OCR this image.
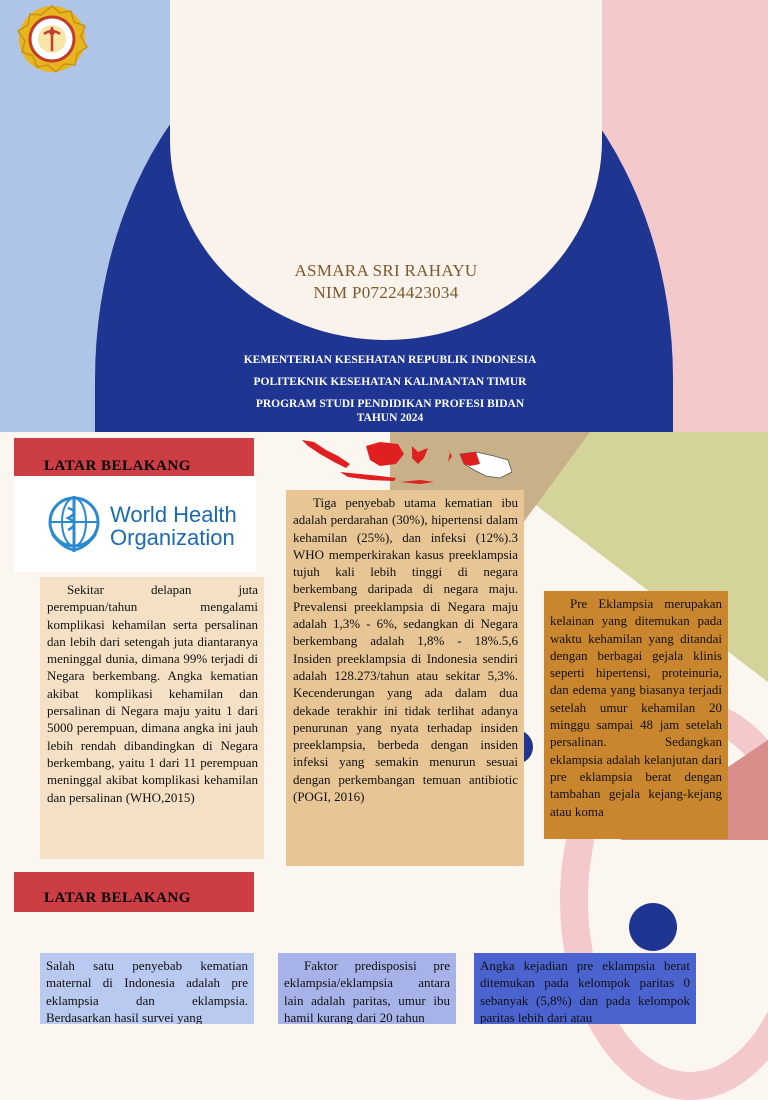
ASMARA SRI RAHAYU
NIM P07224423034
KEMENTERIAN KESEHATAN REPUBLIK INDONESIA
POLITEKNIK KESEHATAN KALIMANTAN TIMUR
PROGRAM STUDI PENDIDIKAN PROFESI BIDAN
TAHUN 2024
LATAR BELAKANG
World Health
Organization
Sekitar delapan juta perempuan/tahun mengalami komplikasi kehamilan serta persalinan dan lebih dari setengah juta diantaranya meninggal dunia, dimana 99% terjadi di Negara berkembang. Angka kematian akibat komplikasi kehamilan dan persalinan di Negara maju yaitu 1 dari 5000 perempuan, dimana angka ini jauh lebih rendah dibandingkan di Negara berkembang, yaitu 1 dari 11 perempuan meninggal akibat komplikasi kehamilan dan persalinan (WHO,2015)
Tiga penyebab utama kematian ibu adalah perdarahan (30%), hipertensi dalam kehamilan (25%), dan infeksi (12%).3 WHO memperkirakan kasus preeklampsia tujuh kali lebih tinggi di negara berkembang daripada di negara maju. Prevalensi preeklampsia di Negara maju adalah 1,3% - 6%, sedangkan di Negara berkembang adalah 1,8% - 18%.5,6 Insiden preeklampsia di Indonesia sendiri adalah 128.273/tahun atau sekitar 5,3%. Kecenderungan yang ada dalam dua dekade terakhir ini tidak terlihat adanya penurunan yang nyata terhadap insiden preeklampsia, berbeda dengan insiden infeksi yang semakin menurun sesuai dengan perkembangan temuan antibiotic (POGI, 2016)
Pre Eklampsia merupakan kelainan yang ditemukan pada waktu kehamilan yang ditandai dengan berbagai gejala klinis seperti hipertensi, proteinuria, dan edema yang biasanya terjadi setelah umur kehamilan 20 minggu sampai 48 jam setelah persalinan. Sedangkan eklampsia adalah kelanjutan dari pre eklampsia berat dengan tambahan gejala kejang-kejang atau koma
LATAR BELAKANG
Salah satu penyebab kematian maternal di Indonesia adalah pre eklampsia dan eklampsia. Berdasarkan hasil survei yang
Faktor predisposisi pre eklampsia/eklampsia antara lain adalah paritas, umur ibu hamil kurang dari 20 tahun
Angka kejadian pre eklampsia berat ditemukan pada kelompok paritas 0 sebanyak (5,8%) dan pada kelompok paritas lebih dari atau
